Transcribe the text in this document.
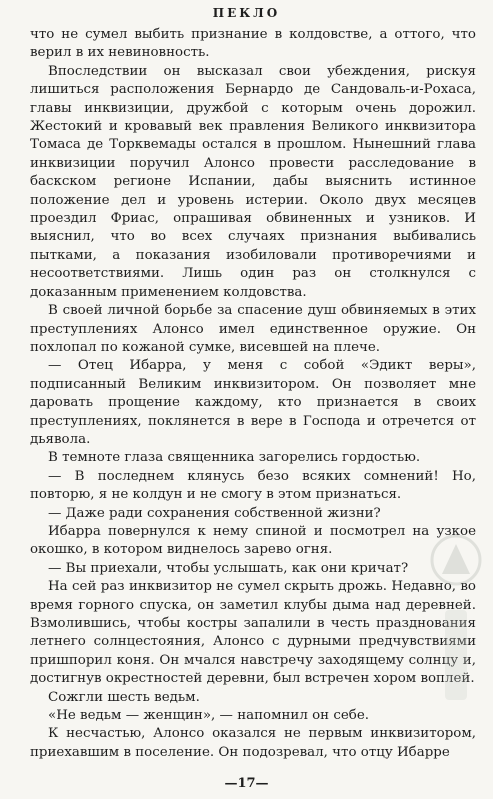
ПЕКЛО

что не сумел выбить признание в колдовстве, а оттого, что верил в их невиновность.

Впоследствии он высказал свои убеждения, рискуя лишиться расположения Бернардо де Сандоваль-и-Рохаса, главы инквизиции, дружбой с которым очень дорожил. Жестокий и кровавый век правления Великого инквизитора Томаса де Торквемады остался в прошлом. Нынешний глава инквизиции поручил Алонсо провести расследование в баскском регионе Испании, дабы выяснить истинное положение дел и уровень истерии. Около двух месяцев проездил Фриас, опрашивая обвиненных и узников. И выяснил, что во всех случаях признания выбивались пытками, а показания изобиловали противоречиями и несоответствиями. Лишь один раз он столкнулся с доказанным применением колдовства.

В своей личной борьбе за спасение душ обвиняемых в этих преступлениях Алонсо имел единственное оружие. Он похлопал по кожаной сумке, висевшей на плече.

— Отец Ибарра, у меня с собой «Эдикт веры», подписанный Великим инквизитором. Он позволяет мне даровать прощение каждому, кто признается в своих преступлениях, поклянется в вере в Господа и отречется от дьявола.

В темноте глаза священника загорелись гордостью.

— В последнем клянусь безо всяких сомнений! Но, повторю, я не колдун и не смогу в этом признаться.

— Даже ради сохранения собственной жизни?

Ибарра повернулся к нему спиной и посмотрел на узкое окошко, в котором виднелось зарево огня.

— Вы приехали, чтобы услышать, как они кричат?

На сей раз инквизитор не сумел скрыть дрожь. Недавно, во время горного спуска, он заметил клубы дыма над деревней. Взмолившись, чтобы костры запалили в честь празднования летнего солнцестояния, Алонсо с дурными предчувствиями пришпорил коня. Он мчался навстречу заходящему солнцу и, достигнув окрестностей деревни, был встречен хором воплей.

Сожгли шесть ведьм.

«Не ведьм — женщин», — напомнил он себе.

К несчастью, Алонсо оказался не первым инквизитором, приехавшим в поселение. Он подозревал, что отцу Ибарре

—17—
